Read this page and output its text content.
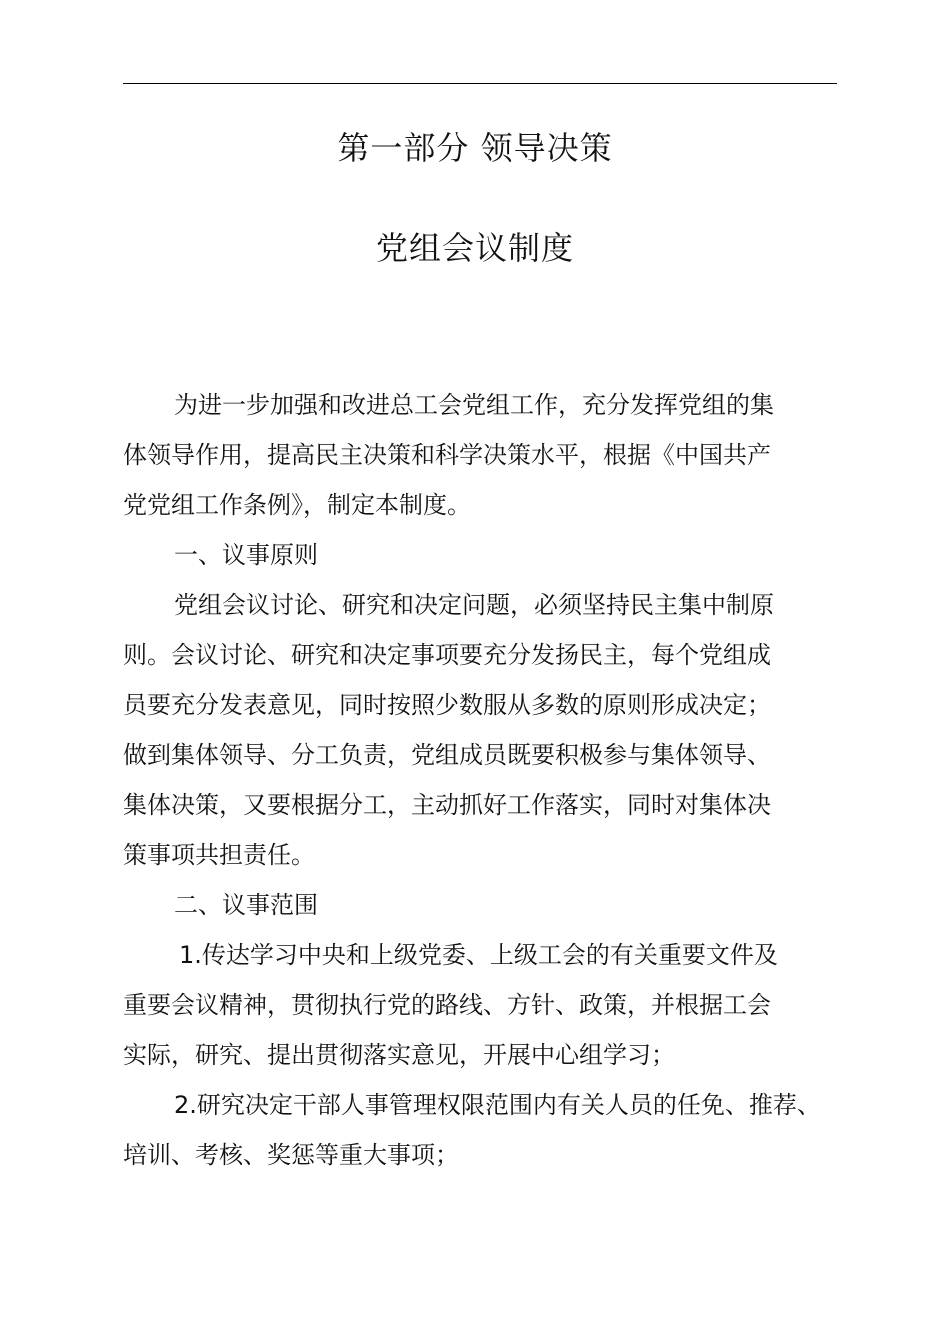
第一部分 领导决策
党组会议制度
为进一步加强和改进总工会党组工作，充分发挥党组的集
体领导作用，提高民主决策和科学决策水平，根据《中国共产
党党组工作条例》，制定本制度。
一、议事原则
党组会议讨论、研究和决定问题，必须坚持民主集中制原
则。会议讨论、研究和决定事项要充分发扬民主，每个党组成
员要充分发表意见，同时按照少数服从多数的原则形成决定；
做到集体领导、分工负责，党组成员既要积极参与集体领导、
集体决策，又要根据分工，主动抓好工作落实，同时对集体决
策事项共担责任。
二、议事范围
1.传达学习中央和上级党委、上级工会的有关重要文件及
重要会议精神，贯彻执行党的路线、方针、政策，并根据工会
实际，研究、提出贯彻落实意见，开展中心组学习；
2.研究决定干部人事管理权限范围内有关人员的任免、推荐、
培训、考核、奖惩等重大事项；
